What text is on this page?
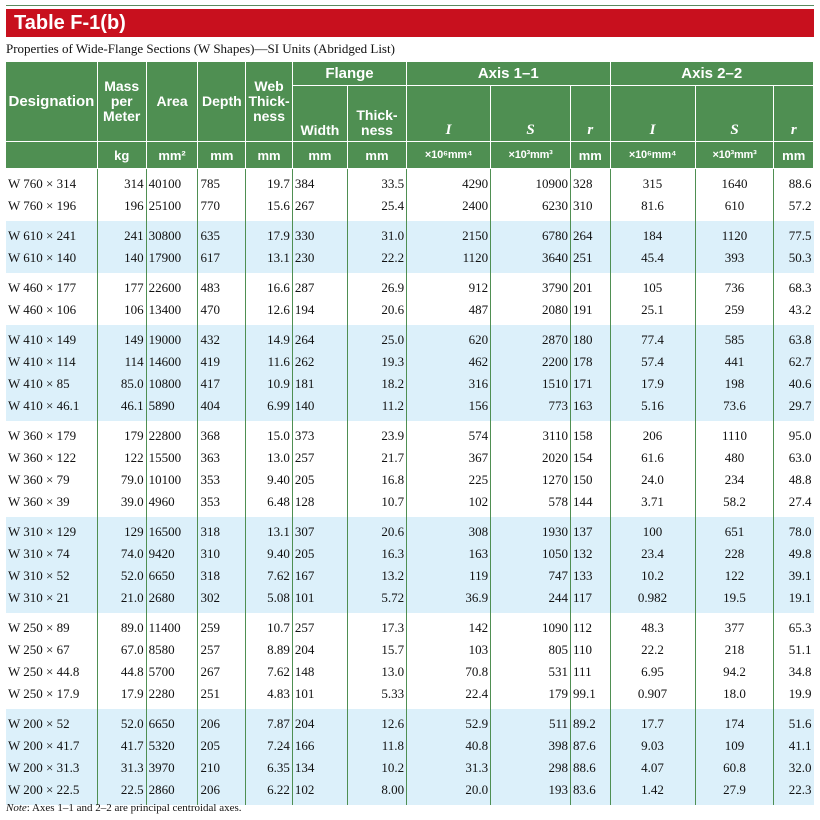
Table F-1(b)
Properties of Wide-Flange Sections (W Shapes)—SI Units (Abridged List)
Designation	Mass per Meter	Area	Depth	Web Thick-ness	Flange		Axis 1–1			Axis 2–2		
					Width	Thick-ness	I	S	r	I	S	r
	kg	mm²	mm	mm	mm	mm	×10⁶mm⁴	×10³mm³	mm	×10⁶mm⁴	×10³mm³	mm
W 760 × 314	314	40100	785	19.7	384	33.5	4290	10900	328	315	1640	88.6
W 760 × 196	196	25100	770	15.6	267	25.4	2400	6230	310	81.6	610	57.2
W 610 × 241	241	30800	635	17.9	330	31.0	2150	6780	264	184	1120	77.5
W 610 × 140	140	17900	617	13.1	230	22.2	1120	3640	251	45.4	393	50.3
W 460 × 177	177	22600	483	16.6	287	26.9	912	3790	201	105	736	68.3
W 460 × 106	106	13400	470	12.6	194	20.6	487	2080	191	25.1	259	43.2
W 410 × 149	149	19000	432	14.9	264	25.0	620	2870	180	77.4	585	63.8
W 410 × 114	114	14600	419	11.6	262	19.3	462	2200	178	57.4	441	62.7
W 410 × 85	85.0	10800	417	10.9	181	18.2	316	1510	171	17.9	198	40.6
W 410 × 46.1	46.1	5890	404	6.99	140	11.2	156	773	163	5.16	73.6	29.7
W 360 × 179	179	22800	368	15.0	373	23.9	574	3110	158	206	1110	95.0
W 360 × 122	122	15500	363	13.0	257	21.7	367	2020	154	61.6	480	63.0
W 360 × 79	79.0	10100	353	9.40	205	16.8	225	1270	150	24.0	234	48.8
W 360 × 39	39.0	4960	353	6.48	128	10.7	102	578	144	3.71	58.2	27.4
W 310 × 129	129	16500	318	13.1	307	20.6	308	1930	137	100	651	78.0
W 310 × 74	74.0	9420	310	9.40	205	16.3	163	1050	132	23.4	228	49.8
W 310 × 52	52.0	6650	318	7.62	167	13.2	119	747	133	10.2	122	39.1
W 310 × 21	21.0	2680	302	5.08	101	5.72	36.9	244	117	0.982	19.5	19.1
W 250 × 89	89.0	11400	259	10.7	257	17.3	142	1090	112	48.3	377	65.3
W 250 × 67	67.0	8580	257	8.89	204	15.7	103	805	110	22.2	218	51.1
W 250 × 44.8	44.8	5700	267	7.62	148	13.0	70.8	531	111	6.95	94.2	34.8
W 250 × 17.9	17.9	2280	251	4.83	101	5.33	22.4	179	99.1	0.907	18.0	19.9
W 200 × 52	52.0	6650	206	7.87	204	12.6	52.9	511	89.2	17.7	174	51.6
W 200 × 41.7	41.7	5320	205	7.24	166	11.8	40.8	398	87.6	9.03	109	41.1
W 200 × 31.3	31.3	3970	210	6.35	134	10.2	31.3	298	88.6	4.07	60.8	32.0
W 200 × 22.5	22.5	2860	206	6.22	102	8.00	20.0	193	83.6	1.42	27.9	22.3
Note: Axes 1–1 and 2–2 are principal centroidal axes.
